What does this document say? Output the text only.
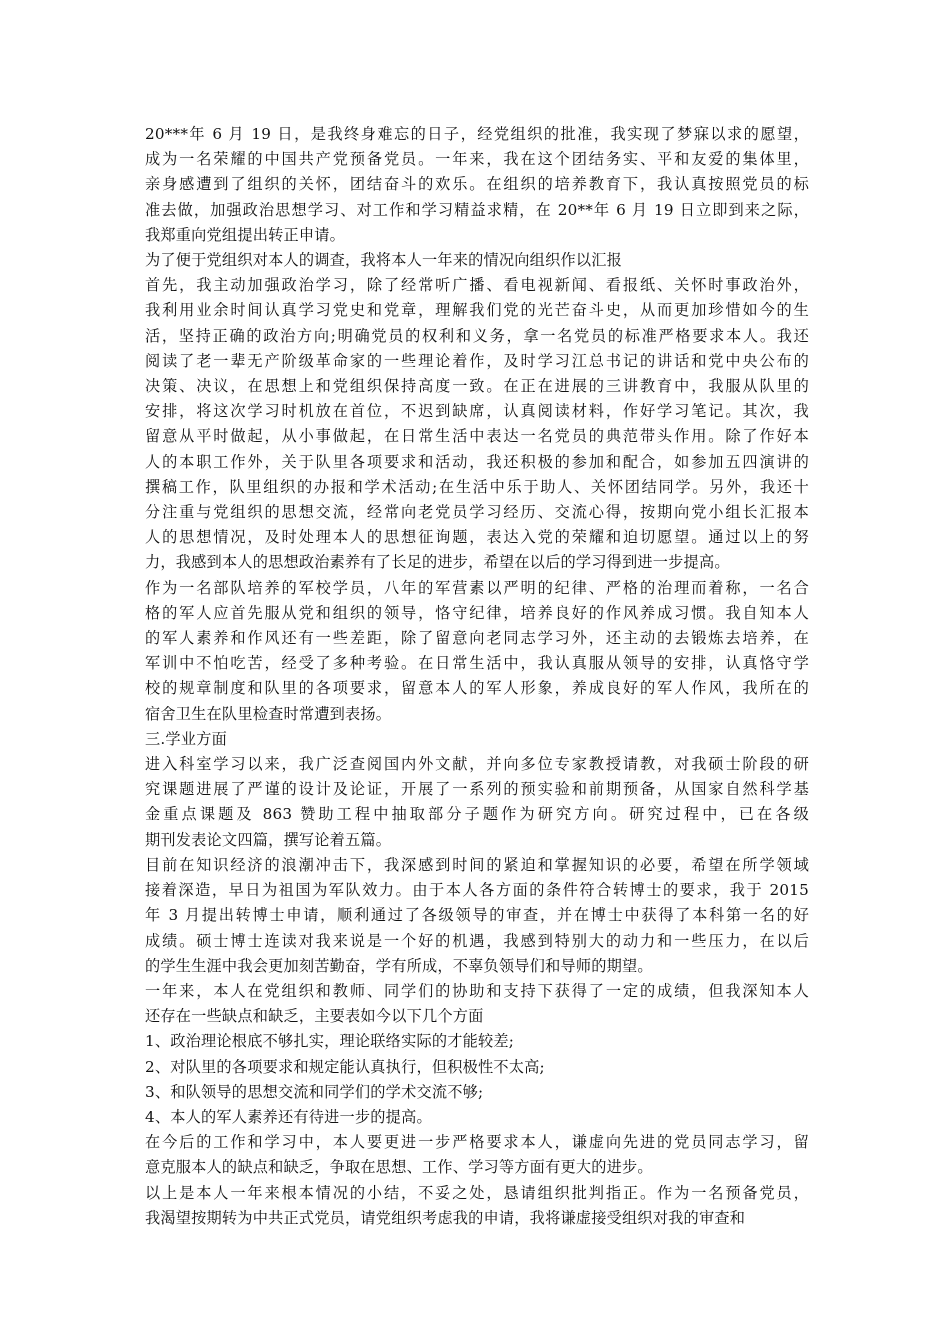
20***年 6 月 19 日，是我终身难忘的日子，经党组织的批准，我实现了梦寐以求的愿望，
成为一名荣耀的中国共产党预备党员。一年来，我在这个团结务实、平和友爱的集体里，
亲身感遭到了组织的关怀，团结奋斗的欢乐。在组织的培养教育下，我认真按照党员的标
准去做，加强政治思想学习、对工作和学习精益求精，在 20**年 6 月 19 日立即到来之际，
我郑重向党组提出转正申请。
为了便于党组织对本人的调查，我将本人一年来的情况向组织作以汇报
首先，我主动加强政治学习，除了经常听广播、看电视新闻、看报纸、关怀时事政治外，
我利用业余时间认真学习党史和党章，理解我们党的光芒奋斗史，从而更加珍惜如今的生
活，坚持正确的政治方向;明确党员的权利和义务，拿一名党员的标准严格要求本人。我还
阅读了老一辈无产阶级革命家的一些理论着作，及时学习江总书记的讲话和党中央公布的
决策、决议，在思想上和党组织保持高度一致。在正在进展的三讲教育中，我服从队里的
安排，将这次学习时机放在首位，不迟到缺席，认真阅读材料，作好学习笔记。其次，我
留意从平时做起，从小事做起，在日常生活中表达一名党员的典范带头作用。除了作好本
人的本职工作外，关于队里各项要求和活动，我还积极的参加和配合，如参加五四演讲的
撰稿工作，队里组织的办报和学术活动;在生活中乐于助人、关怀团结同学。另外，我还十
分注重与党组织的思想交流，经常向老党员学习经历、交流心得，按期向党小组长汇报本
人的思想情况，及时处理本人的思想征询题，表达入党的荣耀和迫切愿望。通过以上的努
力，我感到本人的思想政治素养有了长足的进步，希望在以后的学习得到进一步提高。
作为一名部队培养的军校学员，八年的军营素以严明的纪律、严格的治理而着称，一名合
格的军人应首先服从党和组织的领导，恪守纪律，培养良好的作风养成习惯。我自知本人
的军人素养和作风还有一些差距，除了留意向老同志学习外，还主动的去锻炼去培养，在
军训中不怕吃苦，经受了多种考验。在日常生活中，我认真服从领导的安排，认真恪守学
校的规章制度和队里的各项要求，留意本人的军人形象，养成良好的军人作风，我所在的
宿舍卫生在队里检查时常遭到表扬。
三.学业方面
进入科室学习以来，我广泛查阅国内外文献，并向多位专家教授请教，对我硕士阶段的研
究课题进展了严谨的设计及论证，开展了一系列的预实验和前期预备，从国家自然科学基
金重点课题及 863 赞助工程中抽取部分子题作为研究方向。研究过程中，已在各级
期刊发表论文四篇，撰写论着五篇。
目前在知识经济的浪潮冲击下，我深感到时间的紧迫和掌握知识的必要，希望在所学领域
接着深造，早日为祖国为军队效力。由于本人各方面的条件符合转博士的要求，我于 2015
年 3 月提出转博士申请，顺利通过了各级领导的审查，并在博士中获得了本科第一名的好
成绩。硕士博士连读对我来说是一个好的机遇，我感到特别大的动力和一些压力，在以后
的学生生涯中我会更加刻苦勤奋，学有所成，不辜负领导们和导师的期望。
一年来，本人在党组织和教师、同学们的协助和支持下获得了一定的成绩，但我深知本人
还存在一些缺点和缺乏，主要表如今以下几个方面
1、政治理论根底不够扎实，理论联络实际的才能较差;
2、对队里的各项要求和规定能认真执行，但积极性不太高;
3、和队领导的思想交流和同学们的学术交流不够;
4、本人的军人素养还有待进一步的提高。
在今后的工作和学习中，本人要更进一步严格要求本人，谦虚向先进的党员同志学习，留
意克服本人的缺点和缺乏，争取在思想、工作、学习等方面有更大的进步。
以上是本人一年来根本情况的小结，不妥之处，恳请组织批判指正。作为一名预备党员，
我渴望按期转为中共正式党员，请党组织考虑我的申请，我将谦虚接受组织对我的审查和
